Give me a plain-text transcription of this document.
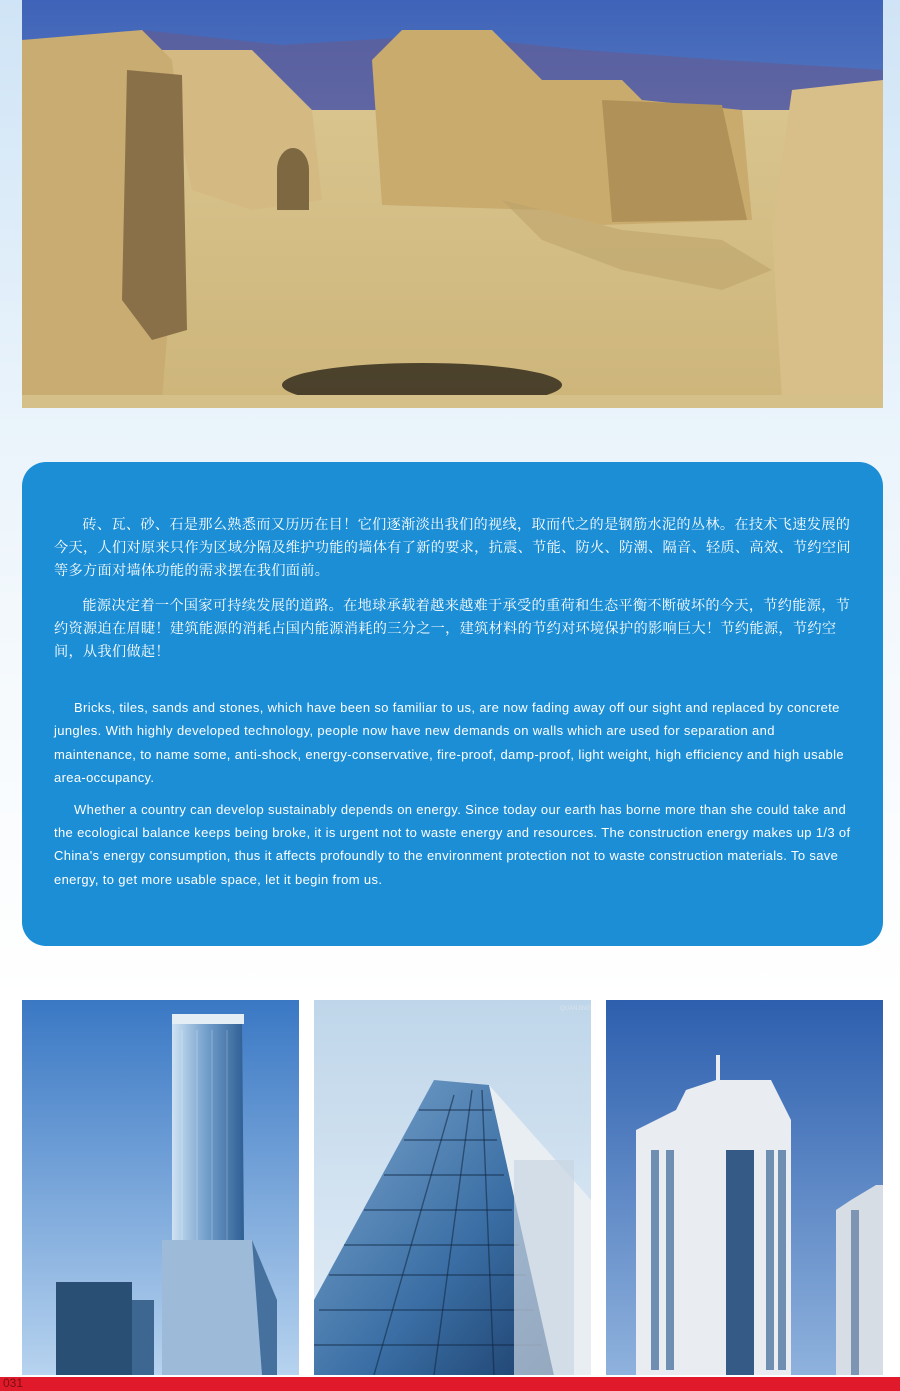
砖、瓦、砂、石是那么熟悉而又历历在目！它们逐渐淡出我们的视线，取而代之的是钢筋水泥的丛林。在技术飞速发展的今天，人们对原来只作为区域分隔及维护功能的墙体有了新的要求，抗震、节能、防火、防潮、隔音、轻质、高效、节约空间等多方面对墙体功能的需求摆在我们面前。

能源决定着一个国家可持续发展的道路。在地球承载着越来越难于承受的重荷和生态平衡不断破坏的今天，节约能源，节约资源迫在眉睫！建筑能源的消耗占国内能源消耗的三分之一，建筑材料的节约对环境保护的影响巨大！节约能源，节约空间，从我们做起！

Bricks, tiles, sands and stones, which have been so familiar to us, are now fading away off our sight and replaced by concrete jungles. With highly developed technology, people now have new demands on walls which are used for separation and maintenance, to name some, anti-shock, energy-conservative, fire-proof, damp-proof, light weight, high efficiency and high usable area-occupancy.

Whether a country can develop sustainably depends on energy. Since today our earth has borne more than she could take and the ecological balance keeps being broke, it is urgent not to waste energy and resources. The construction energy makes up 1/3 of China's energy consumption, thus it affects profoundly to the environment protection not to waste construction materials. To save energy, to get more usable space, let it begin from us.

QUANJING
031
